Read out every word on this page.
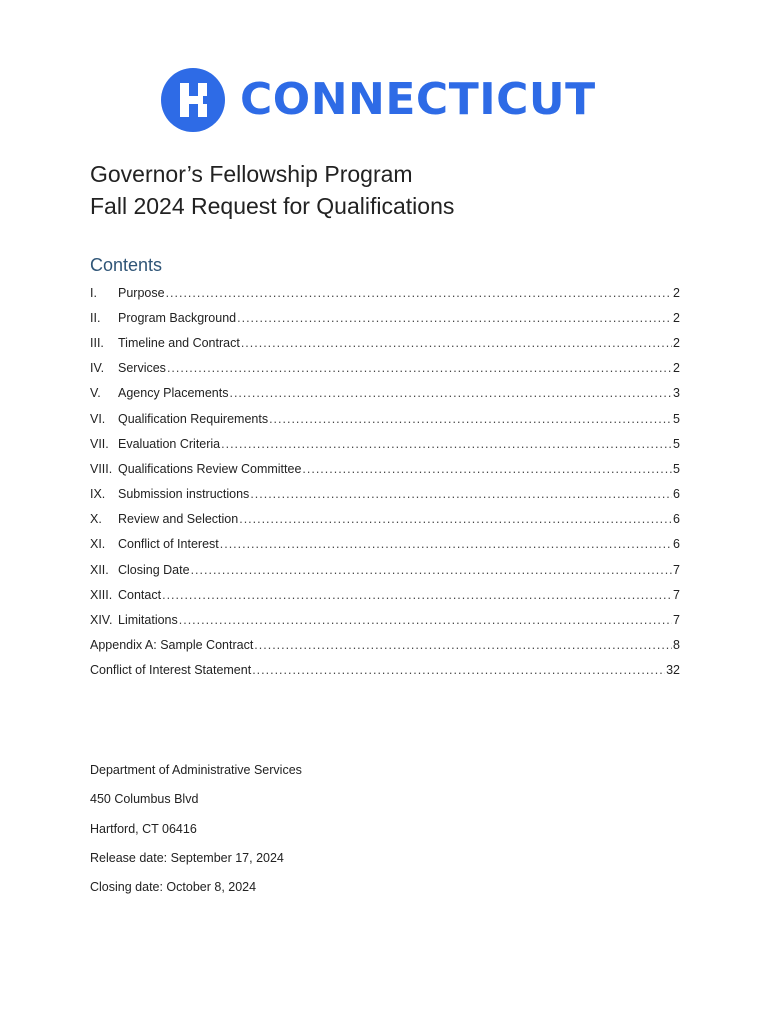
CONNECTICUT
Governor’s Fellowship Program
Fall 2024 Request for Qualifications
Contents
I.	Purpose .....	2
II.	Program Background .....	2
III.	Timeline and Contract .....	2
IV.	Services .....	2
V.	Agency Placements .....	3
VI.	Qualification Requirements .....	5
VII. Evaluation Criteria .....	5
VIII. Qualifications Review Committee .....	5
IX.	Submission instructions .....	6
X.	Review and Selection .....	6
XI.	Conflict of Interest .....	6
XII. Closing Date .....	7
XIII. Contact .....	7
XIV. Limitations .....	7
Appendix A: Sample Contract .....	8
Conflict of Interest Statement .....	32
Department of Administrative Services
450 Columbus Blvd
Hartford, CT 06416
Release date: September 17, 2024
Closing date: October 8, 2024
